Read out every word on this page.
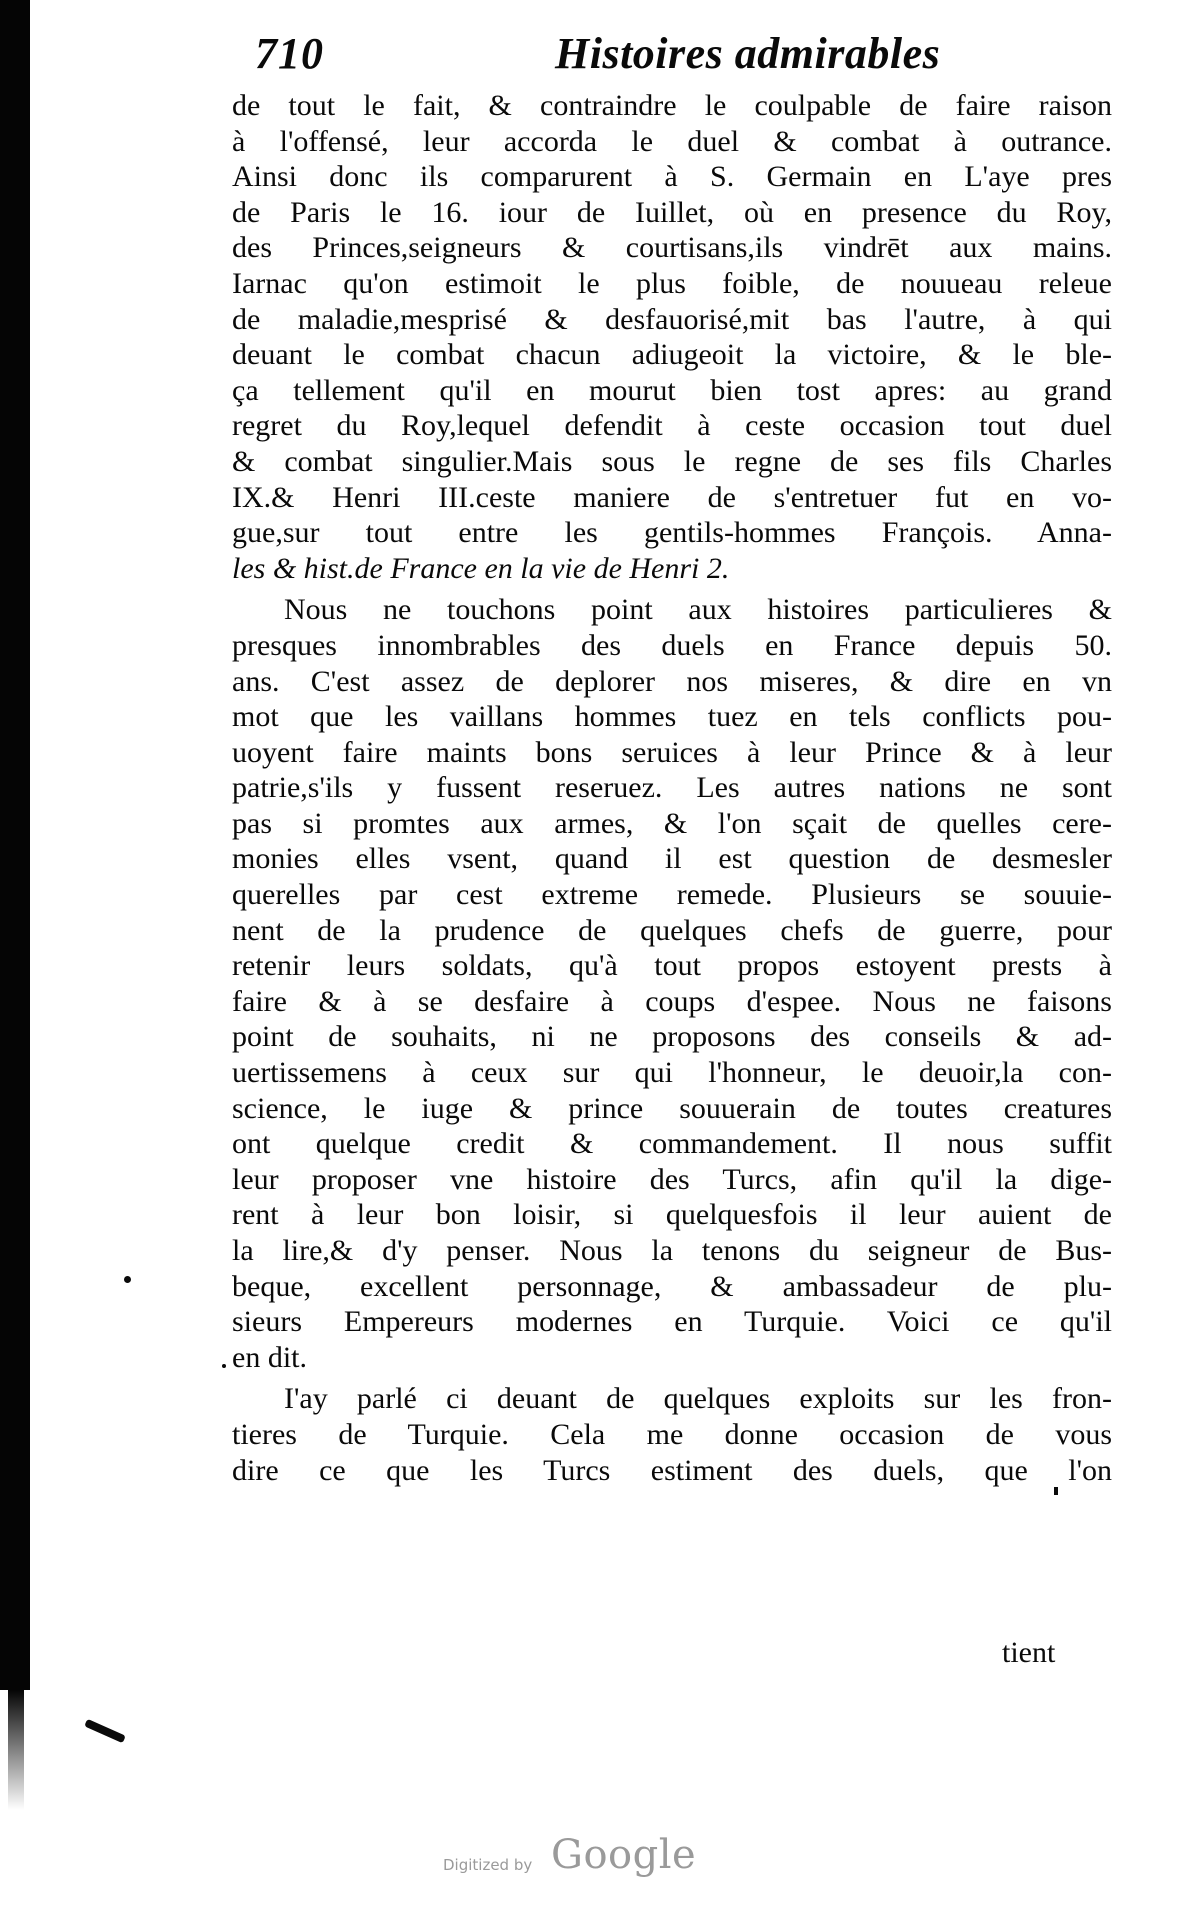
710	Histoires admirables
de tout le fait, & contraindre le coulpable de faire raison
à l'offensé, leur accorda le duel & combat à outrance.
Ainsi donc ils comparurent à S. Germain en L'aye pres
de Paris le 16. iour de Iuillet, où en presence du Roy,
des Princes,seigneurs & courtisans,ils vindrēt aux mains.
Iarnac qu'on estimoit le plus foible, de nouueau releue
de maladie,mesprisé & desfauorisé,mit bas l'autre, à qui
deuant le combat chacun adiugeoit la victoire, & le ble-
ça tellement qu'il en mourut bien tost apres: au grand
regret du Roy,lequel defendit à ceste occasion tout duel
& combat singulier.Mais sous le regne de ses fils Charles
IX.& Henri III.ceste maniere de s'entretuer fut en vo-
gue,sur tout entre les gentils-hommes François. Anna-
les & hist.de France en la vie de Henri 2.
Nous ne touchons point aux histoires particulieres &
presques innombrables des duels en France depuis 50.
ans. C'est assez de deplorer nos miseres, & dire en vn
mot que les vaillans hommes tuez en tels conflicts pou-
uoyent faire maints bons seruices à leur Prince & à leur
patrie,s'ils y fussent reseruez. Les autres nations ne sont
pas si promtes aux armes, & l'on sçait de quelles cere-
monies elles vsent, quand il est question de desmesler
querelles par cest extreme remede. Plusieurs se souuie-
nent de la prudence de quelques chefs de guerre, pour
retenir leurs soldats, qu'à tout propos estoyent prests à
faire & à se desfaire à coups d'espee. Nous ne faisons
point de souhaits, ni ne proposons des conseils & ad-
uertissemens à ceux sur qui l'honneur, le deuoir,la con-
science, le iuge & prince souuerain de toutes creatures
ont quelque credit & commandement. Il nous suffit
leur proposer vne histoire des Turcs, afin qu'il la dige-
rent à leur bon loisir, si quelquesfois il leur auient de
la lire,& d'y penser. Nous la tenons du seigneur de Bus-
beque, excellent personnage, & ambassadeur de plu-
sieurs Empereurs modernes en Turquie. Voici ce qu'il
en dit.
I'ay parlé ci deuant de quelques exploits sur les fron-
tieres de Turquie. Cela me donne occasion de vous
dire ce que les Turcs estiment des duels, que l'on
tient
Digitized by Google
